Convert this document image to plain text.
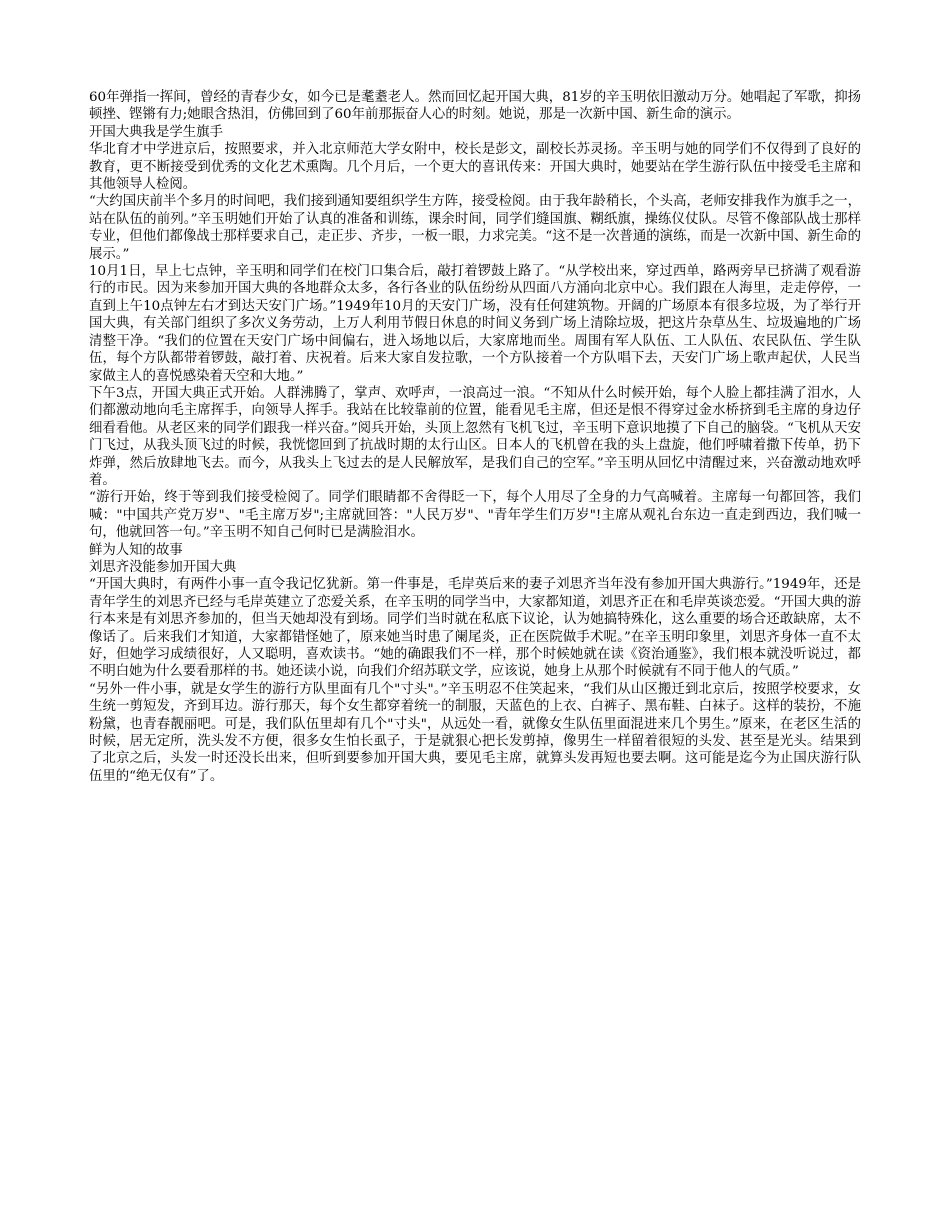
60年弹指一挥间，曾经的青春少女，如今已是耄耋老人。然而回忆起开国大典，81岁的辛玉明依旧激动万分。她唱起了军歌，抑扬顿挫、铿锵有力;她眼含热泪，仿佛回到了60年前那振奋人心的时刻。她说，那是一次新中国、新生命的演示。

开国大典我是学生旗手

华北育才中学进京后，按照要求，并入北京师范大学女附中，校长是彭文，副校长苏灵扬。辛玉明与她的同学们不仅得到了良好的教育，更不断接受到优秀的文化艺术熏陶。几个月后，一个更大的喜讯传来：开国大典时，她要站在学生游行队伍中接受毛主席和其他领导人检阅。

“大约国庆前半个多月的时间吧，我们接到通知要组织学生方阵，接受检阅。由于我年龄稍长，个头高，老师安排我作为旗手之一，站在队伍的前列。”辛玉明她们开始了认真的准备和训练，课余时间，同学们缝国旗、糊纸旗，操练仪仗队。尽管不像部队战士那样专业，但他们都像战士那样要求自己，走正步、齐步，一板一眼，力求完美。“这不是一次普通的演练，而是一次新中国、新生命的展示。”

10月1日，早上七点钟，辛玉明和同学们在校门口集合后，敲打着锣鼓上路了。“从学校出来，穿过西单，路两旁早已挤满了观看游行的市民。因为来参加开国大典的各地群众太多，各行各业的队伍纷纷从四面八方涌向北京中心。我们跟在人海里，走走停停，一直到上午10点钟左右才到达天安门广场。”1949年10月的天安门广场，没有任何建筑物。开阔的广场原本有很多垃圾，为了举行开国大典，有关部门组织了多次义务劳动，上万人利用节假日休息的时间义务到广场上清除垃圾，把这片杂草丛生、垃圾遍地的广场清整干净。“我们的位置在天安门广场中间偏右，进入场地以后，大家席地而坐。周围有军人队伍、工人队伍、农民队伍、学生队伍，每个方队都带着锣鼓，敲打着、庆祝着。后来大家自发拉歌，一个方队接着一个方队唱下去，天安门广场上歌声起伏，人民当家做主人的喜悦感染着天空和大地。”

下午3点，开国大典正式开始。人群沸腾了，掌声、欢呼声，一浪高过一浪。“不知从什么时候开始，每个人脸上都挂满了泪水，人们都激动地向毛主席挥手，向领导人挥手。我站在比较靠前的位置，能看见毛主席，但还是恨不得穿过金水桥挤到毛主席的身边仔细看看他。从老区来的同学们跟我一样兴奋。”阅兵开始，头顶上忽然有飞机飞过，辛玉明下意识地摸了下自己的脑袋。“飞机从天安门飞过，从我头顶飞过的时候，我恍惚回到了抗战时期的太行山区。日本人的飞机曾在我的头上盘旋，他们呼啸着撒下传单，扔下炸弹，然后放肆地飞去。而今，从我头上飞过去的是人民解放军，是我们自己的空军。”辛玉明从回忆中清醒过来，兴奋激动地欢呼着。

“游行开始，终于等到我们接受检阅了。同学们眼睛都不舍得眨一下，每个人用尽了全身的力气高喊着。主席每一句都回答，我们喊："中国共产党万岁"、"毛主席万岁";主席就回答："人民万岁"、"青年学生们万岁"!主席从观礼台东边一直走到西边，我们喊一句，他就回答一句。”辛玉明不知自己何时已是满脸泪水。

鲜为人知的故事
刘思齐没能参加开国大典

“开国大典时，有两件小事一直令我记忆犹新。第一件事是，毛岸英后来的妻子刘思齐当年没有参加开国大典游行。”1949年，还是青年学生的刘思齐已经与毛岸英建立了恋爱关系，在辛玉明的同学当中，大家都知道，刘思齐正在和毛岸英谈恋爱。“开国大典的游行本来是有刘思齐参加的，但当天她却没有到场。同学们当时就在私底下议论，认为她搞特殊化，这么重要的场合还敢缺席，太不像话了。后来我们才知道，大家都错怪她了，原来她当时患了阑尾炎，正在医院做手术呢。”在辛玉明印象里，刘思齐身体一直不太好，但她学习成绩很好，人又聪明，喜欢读书。“她的确跟我们不一样，那个时候她就在读《资治通鉴》，我们根本就没听说过，都不明白她为什么要看那样的书。她还读小说，向我们介绍苏联文学，应该说，她身上从那个时候就有不同于他人的气质。”

“另外一件小事，就是女学生的游行方队里面有几个"寸头"。”辛玉明忍不住笑起来，“我们从山区搬迁到北京后，按照学校要求，女生统一剪短发，齐到耳边。游行那天，每个女生都穿着统一的制服，天蓝色的上衣、白裤子、黑布鞋、白袜子。这样的装扮，不施粉黛，也青春靓丽吧。可是，我们队伍里却有几个"寸头"，从远处一看，就像女生队伍里面混进来几个男生。”原来，在老区生活的时候，居无定所，洗头发不方便，很多女生怕长虱子，于是就狠心把长发剪掉，像男生一样留着很短的头发、甚至是光头。结果到了北京之后，头发一时还没长出来，但听到要参加开国大典，要见毛主席，就算头发再短也要去啊。这可能是迄今为止国庆游行队伍里的“绝无仅有”了。
